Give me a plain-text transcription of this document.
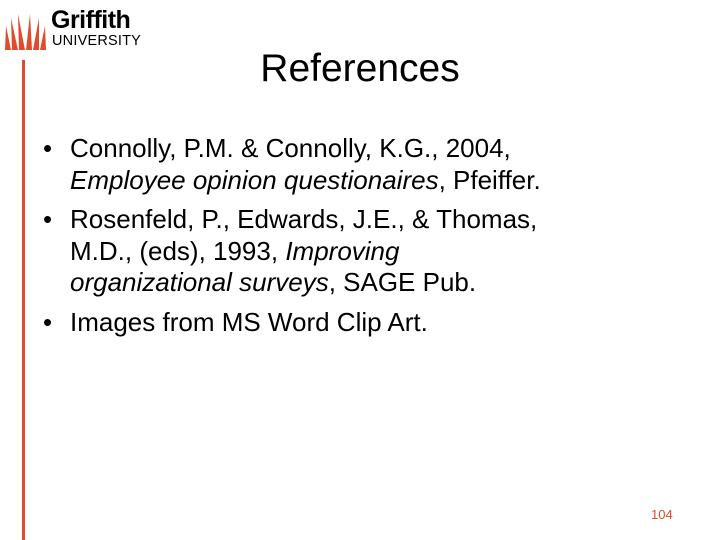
Griffith
UNIVERSITY
References
• Connolly, P.M. & Connolly, K.G., 2004,
Employee opinion questionaires, Pfeiffer.
• Rosenfeld, P., Edwards, J.E., & Thomas,
M.D., (eds), 1993, Improving
organizational surveys, SAGE Pub.
• Images from MS Word Clip Art.
104
